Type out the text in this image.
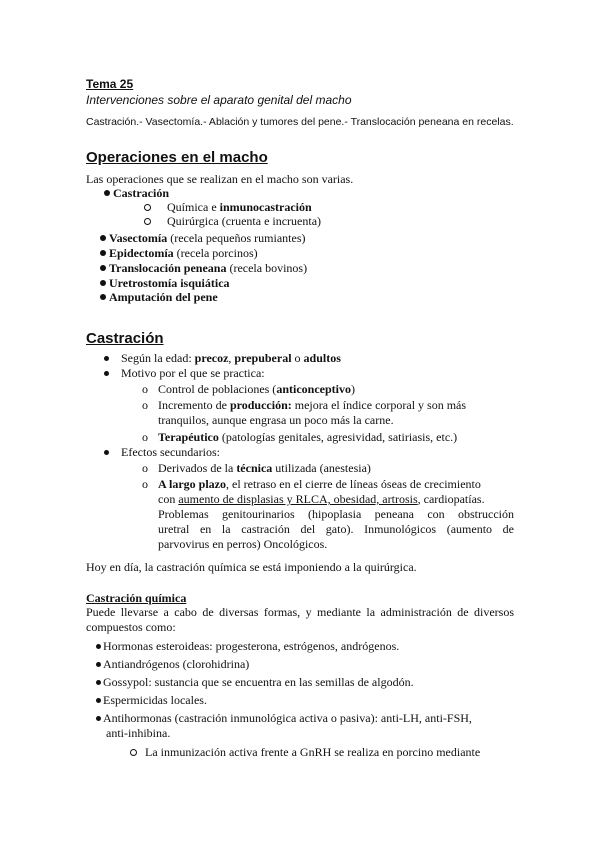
Tema 25
Intervenciones sobre el aparato genital del macho
Castración.- Vasectomía.- Ablación y tumores del pene.- Translocación peneana en recelas.
Operaciones en el macho
Las operaciones que se realizan en el macho son varias.
Castración
Química e inmunocastración
Quirúrgica (cruenta e incruenta)
Vasectomía (recela pequeños rumiantes)
Epidectomía (recela porcinos)
Translocación peneana (recela bovinos)
Uretrostomía isquiática
Amputación del pene
Castración
Según la edad: precoz, prepuberal o adultos
Motivo por el que se practica:
o Control de poblaciones (anticonceptivo)
o Incremento de producción: mejora el índice corporal y son más
tranquilos, aunque engrasa un poco más la carne.
o Terapéutico (patologías genitales, agresividad, satiriasis, etc.)
Efectos secundarios:
o Derivados de la técnica utilizada (anestesia)
o A largo plazo, el retraso en el cierre de líneas óseas de crecimiento
con aumento de displasias y RLCA, obesidad, artrosis, cardiopatías.
Problemas genitourinarios (hipoplasia peneana con obstrucción
uretral en la castración del gato). Inmunológicos (aumento de
parvovirus en perros) Oncológicos.
Hoy en día, la castración química se está imponiendo a la quirúrgica.
Castración química
Puede llevarse a cabo de diversas formas, y mediante la administración de diversos compuestos como:
Hormonas esteroideas: progesterona, estrógenos, andrógenos.
Antiandrógenos (clorohidrina)
Gossypol: sustancia que se encuentra en las semillas de algodón.
Espermicidas locales.
Antihormonas (castración inmunológica activa o pasiva): anti-LH, anti-FSH,
anti-inhibina.
La inmunización activa frente a GnRH se realiza en porcino mediante
